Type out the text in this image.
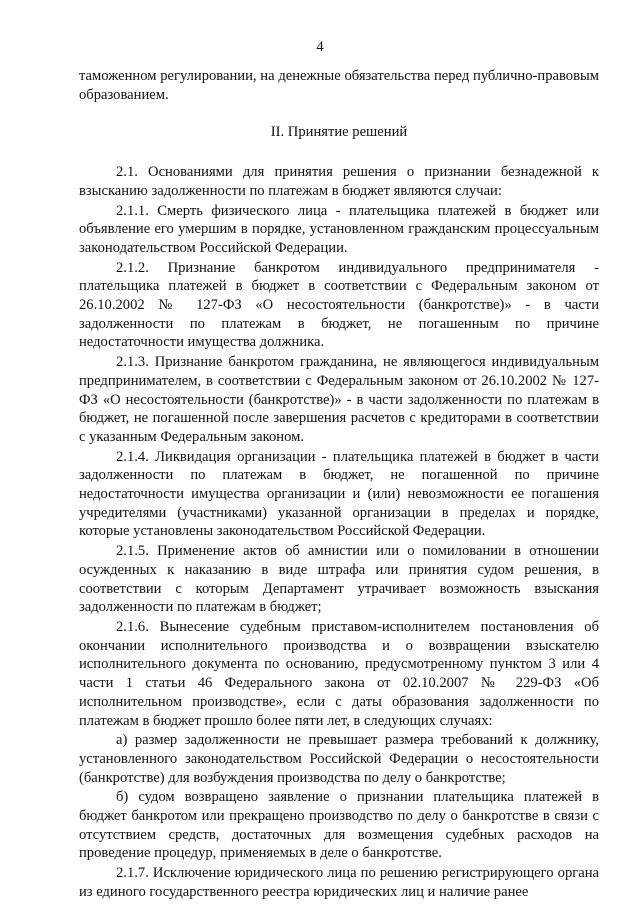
4

таможенном регулировании, на денежные обязательства перед публично-правовым образованием.

II. Принятие решений

2.1. Основаниями для принятия решения о признании безнадежной к взысканию задолженности по платежам в бюджет являются случаи:

2.1.1. Смерть физического лица - плательщика платежей в бюджет или объявление его умершим в порядке, установленном гражданским процессуальным законодательством Российской Федерации.

2.1.2. Признание банкротом индивидуального предпринимателя - плательщика платежей в бюджет в соответствии с Федеральным законом от 26.10.2002 № 127-ФЗ «О несостоятельности (банкротстве)» - в части задолженности по платежам в бюджет, не погашенным по причине недостаточности имущества должника.

2.1.3. Признание банкротом гражданина, не являющегося индивидуальным предпринимателем, в соответствии с Федеральным законом от 26.10.2002 № 127-ФЗ «О несостоятельности (банкротстве)» - в части задолженности по платежам в бюджет, не погашенной после завершения расчетов с кредиторами в соответствии с указанным Федеральным законом.

2.1.4. Ликвидация организации - плательщика платежей в бюджет в части задолженности по платежам в бюджет, не погашенной по причине недостаточности имущества организации и (или) невозможности ее погашения учредителями (участниками) указанной организации в пределах и порядке, которые установлены законодательством Российской Федерации.

2.1.5. Применение актов об амнистии или о помиловании в отношении осужденных к наказанию в виде штрафа или принятия судом решения, в соответствии с которым Департамент утрачивает возможность взыскания задолженности по платежам в бюджет;

2.1.6. Вынесение судебным приставом-исполнителем постановления об окончании исполнительного производства и о возвращении взыскателю исполнительного документа по основанию, предусмотренному пунктом 3 или 4 части 1 статьи 46 Федерального закона от 02.10.2007 № 229-ФЗ «Об исполнительном производстве», если с даты образования задолженности по платежам в бюджет прошло более пяти лет, в следующих случаях:

а) размер задолженности не превышает размера требований к должнику, установленного законодательством Российской Федерации о несостоятельности (банкротстве) для возбуждения производства по делу о банкротстве;

б) судом возвращено заявление о признании плательщика платежей в бюджет банкротом или прекращено производство по делу о банкротстве в связи с отсутствием средств, достаточных для возмещения судебных расходов на проведение процедур, применяемых в деле о банкротстве.

2.1.7. Исключение юридического лица по решению регистрирующего органа из единого государственного реестра юридических лиц и наличие ранее
